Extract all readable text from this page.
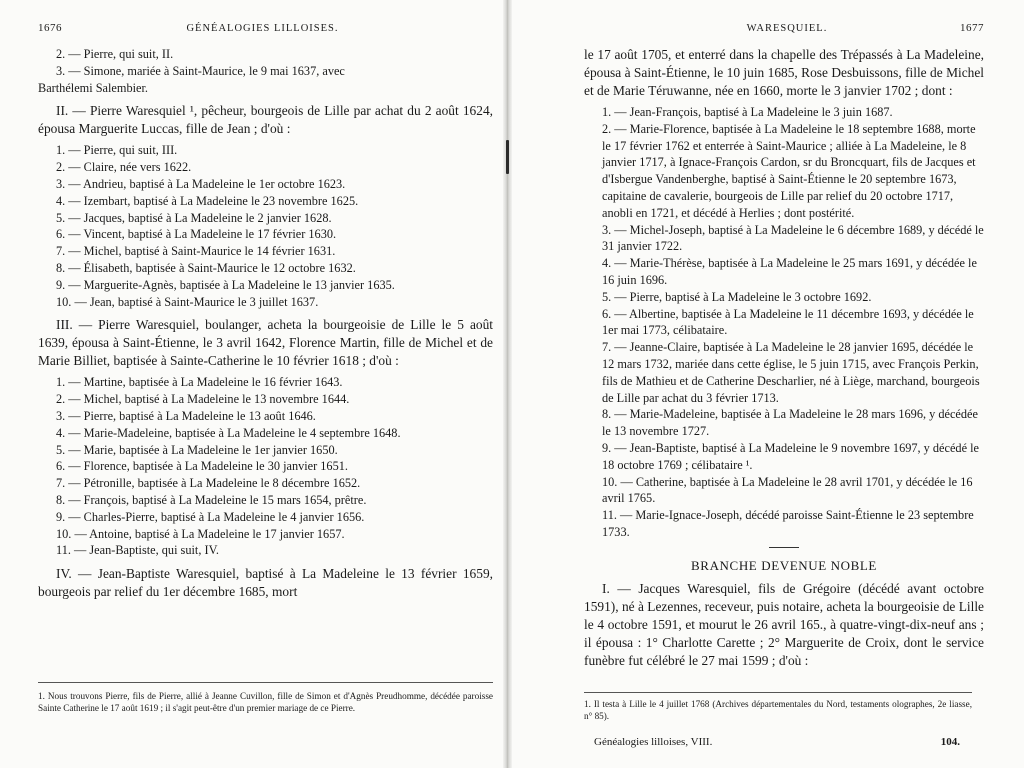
1676	GÉNÉALOGIES LILLOISES.
2. — Pierre, qui suit, II.
3. — Simone, mariée à Saint-Maurice, le 9 mai 1637, avec
Barthélemi Salembier.
II. — Pierre Waresquiel ¹, pêcheur, bourgeois de Lille par achat du 2 août 1624, épousa Marguerite Luccas, fille de Jean ; d'où :
1. — Pierre, qui suit, III.
2. — Claire, née vers 1622.
3. — Andrieu, baptisé à La Madeleine le 1er octobre 1623.
4. — Izembart, baptisé à La Madeleine le 23 novembre 1625.
5. — Jacques, baptisé à La Madeleine le 2 janvier 1628.
6. — Vincent, baptisé à La Madeleine le 17 février 1630.
7. — Michel, baptisé à Saint-Maurice le 14 février 1631.
8. — Élisabeth, baptisée à Saint-Maurice le 12 octobre 1632.
9. — Marguerite-Agnès, baptisée à La Madeleine le 13 janvier 1635.
10. — Jean, baptisé à Saint-Maurice le 3 juillet 1637.
III. — Pierre Waresquiel, boulanger, acheta la bourgeoisie de Lille le 5 août 1639, épousa à Saint-Étienne, le 3 avril 1642, Florence Martin, fille de Michel et de Marie Billiet, baptisée à Sainte-Catherine le 10 février 1618 ; d'où :
1. — Martine, baptisée à La Madeleine le 16 février 1643.
2. — Michel, baptisé à La Madeleine le 13 novembre 1644.
3. — Pierre, baptisé à La Madeleine le 13 août 1646.
4. — Marie-Madeleine, baptisée à La Madeleine le 4 septembre 1648.
5. — Marie, baptisée à La Madeleine le 1er janvier 1650.
6. — Florence, baptisée à La Madeleine le 30 janvier 1651.
7. — Pétronille, baptisée à La Madeleine le 8 décembre 1652.
8. — François, baptisé à La Madeleine le 15 mars 1654, prêtre.
9. — Charles-Pierre, baptisé à La Madeleine le 4 janvier 1656.
10. — Antoine, baptisé à La Madeleine le 17 janvier 1657.
11. — Jean-Baptiste, qui suit, IV.
IV. — Jean-Baptiste Waresquiel, baptisé à La Madeleine le 13 février 1659, bourgeois par relief du 1er décembre 1685, mort
1. Nous trouvons Pierre, fils de Pierre, allié à Jeanne Cuvillon, fille de Simon et d'Agnès Preudhomme, décédée paroisse Sainte Catherine le 17 août 1619 ; il s'agit peut-être d'un premier mariage de ce Pierre.
WARESQUIEL.	1677
le 17 août 1705, et enterré dans la chapelle des Trépassés à La Madeleine, épousa à Saint-Étienne, le 10 juin 1685, Rose Desbuissons, fille de Michel et de Marie Téruwanne, née en 1660, morte le 3 janvier 1702 ; dont :
1. — Jean-François, baptisé à La Madeleine le 3 juin 1687.
2. — Marie-Florence, baptisée à La Madeleine le 18 septembre 1688, morte le 17 février 1762 et enterrée à Saint-Maurice ; alliée à La Madeleine, le 8 janvier 1717, à Ignace-François Cardon, sr du Broncquart, fils de Jacques et d'Isbergue Vandenberghe, baptisé à Saint-Étienne le 20 septembre 1673, capitaine de cavalerie, bourgeois de Lille par relief du 20 octobre 1717, anobli en 1721, et décédé à Herlies ; dont postérité.
3. — Michel-Joseph, baptisé à La Madeleine le 6 décembre 1689, y décédé le 31 janvier 1722.
4. — Marie-Thérèse, baptisée à La Madeleine le 25 mars 1691, y décédée le 16 juin 1696.
5. — Pierre, baptisé à La Madeleine le 3 octobre 1692.
6. — Albertine, baptisée à La Madeleine le 11 décembre 1693, y décédée le 1er mai 1773, célibataire.
7. — Jeanne-Claire, baptisée à La Madeleine le 28 janvier 1695, décédée le 12 mars 1732, mariée dans cette église, le 5 juin 1715, avec François Perkin, fils de Mathieu et de Catherine Descharlier, né à Liège, marchand, bourgeois de Lille par achat du 3 février 1713.
8. — Marie-Madeleine, baptisée à La Madeleine le 28 mars 1696, y décédée le 13 novembre 1727.
9. — Jean-Baptiste, baptisé à La Madeleine le 9 novembre 1697, y décédé le 18 octobre 1769 ; célibataire ¹.
10. — Catherine, baptisée à La Madeleine le 28 avril 1701, y décédée le 16 avril 1765.
11. — Marie-Ignace-Joseph, décédé paroisse Saint-Étienne le 23 septembre 1733.
BRANCHE DEVENUE NOBLE
I. — Jacques Waresquiel, fils de Grégoire (décédé avant octobre 1591), né à Lezennes, receveur, puis notaire, acheta la bourgeoisie de Lille le 4 octobre 1591, et mourut le 26 avril 165., à quatre-vingt-dix-neuf ans ; il épousa : 1° Charlotte Carette ; 2° Marguerite de Croix, dont le service funèbre fut célébré le 27 mai 1599 ; d'où :
1. Il testa à Lille le 4 juillet 1768 (Archives départementales du Nord, testaments olographes, 2e liasse, n° 85).
Généalogies lilloises, VIII.	104.
